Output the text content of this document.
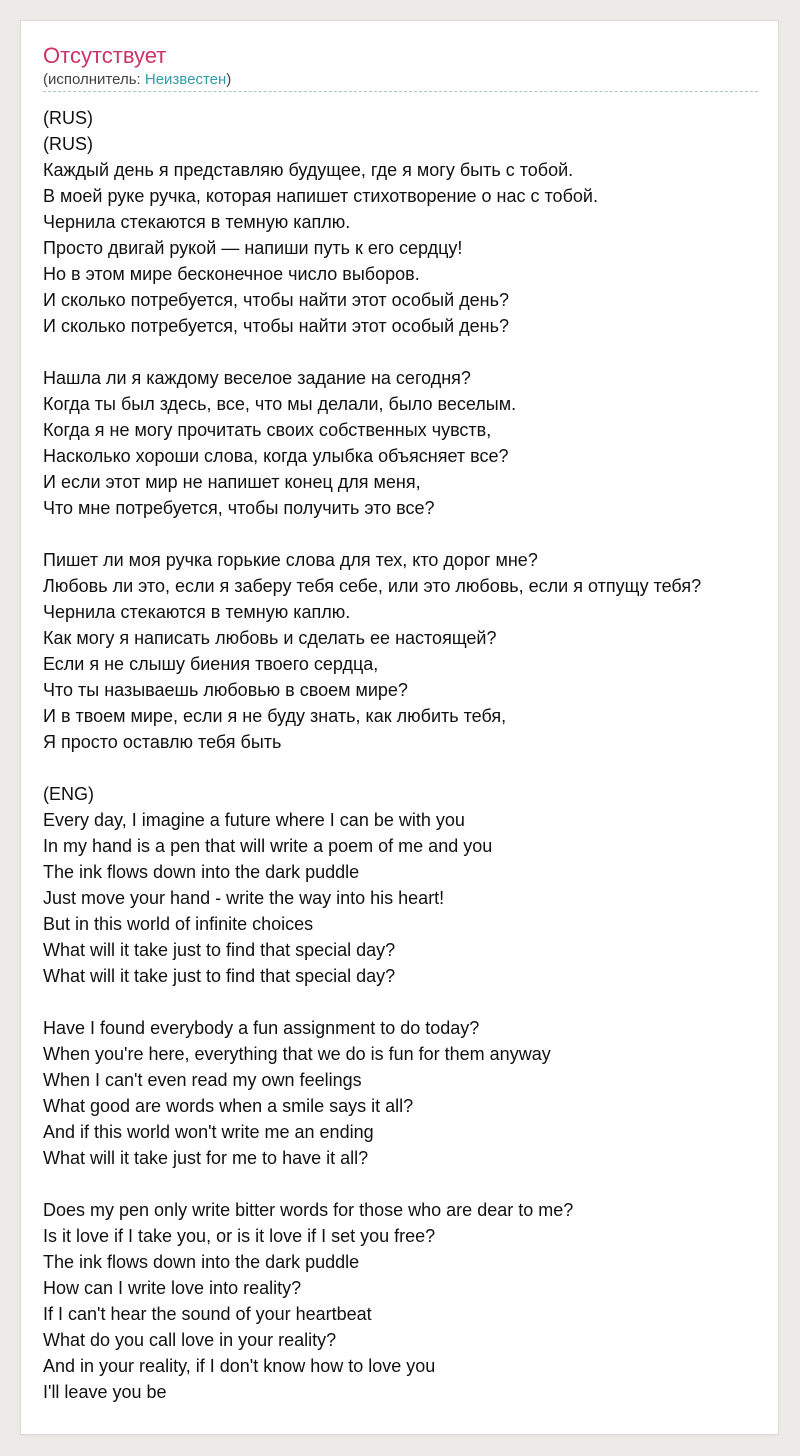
Отсутствует
(исполнитель: Неизвестен)
(RUS)
(RUS)
Каждый день я представляю будущее, где я могу быть с тобой.
В моей руке ручка, которая напишет стихотворение о нас с тобой.
Чернила стекаются в темную каплю.
Просто двигай рукой — напиши путь к его сердцу!
Но в этом мире бесконечное число выборов.
И сколько потребуется, чтобы найти этот особый день?
И сколько потребуется, чтобы найти этот особый день?
Нашла ли я каждому веселое задание на сегодня?
Когда ты был здесь, все, что мы делали, было веселым.
Когда я не могу прочитать своих собственных чувств,
Насколько хороши слова, когда улыбка объясняет все?
И если этот мир не напишет конец для меня,
Что мне потребуется, чтобы получить это все?
Пишет ли моя ручка горькие слова для тех, кто дорог мне?
Любовь ли это, если я заберу тебя себе, или это любовь, если я отпущу тебя?
Чернила стекаются в темную каплю.
Как могу я написать любовь и сделать ее настоящей?
Если я не слышу биения твоего сердца,
Что ты называешь любовью в своем мире?
И в твоем мире, если я не буду знать, как любить тебя,
Я просто оставлю тебя быть
(ENG)
Every day, I imagine a future where I can be with you
In my hand is a pen that will write a poem of me and you
The ink flows down into the dark puddle
Just move your hand - write the way into his heart!
But in this world of infinite choices
What will it take just to find that special day?
What will it take just to find that special day?
Have I found everybody a fun assignment to do today?
When you're here, everything that we do is fun for them anyway
When I can't even read my own feelings
What good are words when a smile says it all?
And if this world won't write me an ending
What will it take just for me to have it all?
Does my pen only write bitter words for those who are dear to me?
Is it love if I take you, or is it love if I set you free?
The ink flows down into the dark puddle
How can I write love into reality?
If I can't hear the sound of your heartbeat
What do you call love in your reality?
And in your reality, if I don't know how to love you
I'll leave you be
